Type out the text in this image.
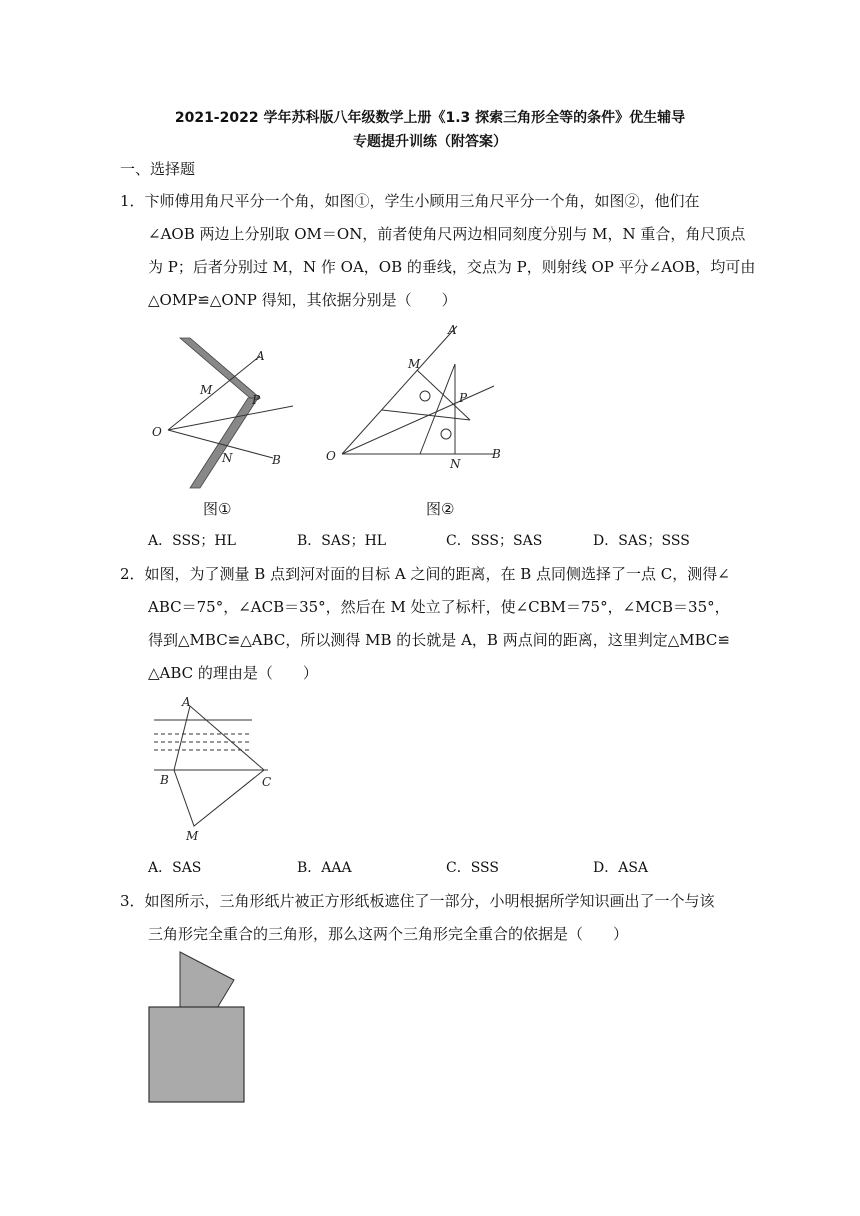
2021-2022 学年苏科版八年级数学上册《1.3 探索三角形全等的条件》优生辅导
专题提升训练（附答案）
一、选择题
1．卞师傅用角尺平分一个角，如图①，学生小顾用三角尺平分一个角，如图②，他们在
∠AOB 两边上分别取 OM＝ON，前者使角尺两边相同刻度分别与 M，N 重合，角尺顶点
为 P；后者分别过 M，N 作 OA，OB 的垂线，交点为 P，则射线 OP 平分∠AOB，均可由
△OMP≌△ONP 得知，其依据分别是（　　）
O
M
A
P
N	B
图①
A
M
P
O
N
B
图②
A．SSS；HL	B．SAS；HL	C．SSS；SAS	D．SAS；SSS
2．如图，为了测量 B 点到河对面的目标 A 之间的距离，在 B 点同侧选择了一点 C，测得∠
ABC＝75°，∠ACB＝35°，然后在 M 处立了标杆，使∠CBM＝75°，∠MCB＝35°，
得到△MBC≌△ABC，所以测得 MB 的长就是 A，B 两点间的距离，这里判定△MBC≌
△ABC 的理由是（　　）
A
B	C
M
A．SAS	B．AAA	C．SSS	D．ASA
3．如图所示，三角形纸片被正方形纸板遮住了一部分，小明根据所学知识画出了一个与该
三角形完全重合的三角形，那么这两个三角形完全重合的依据是（　　）
